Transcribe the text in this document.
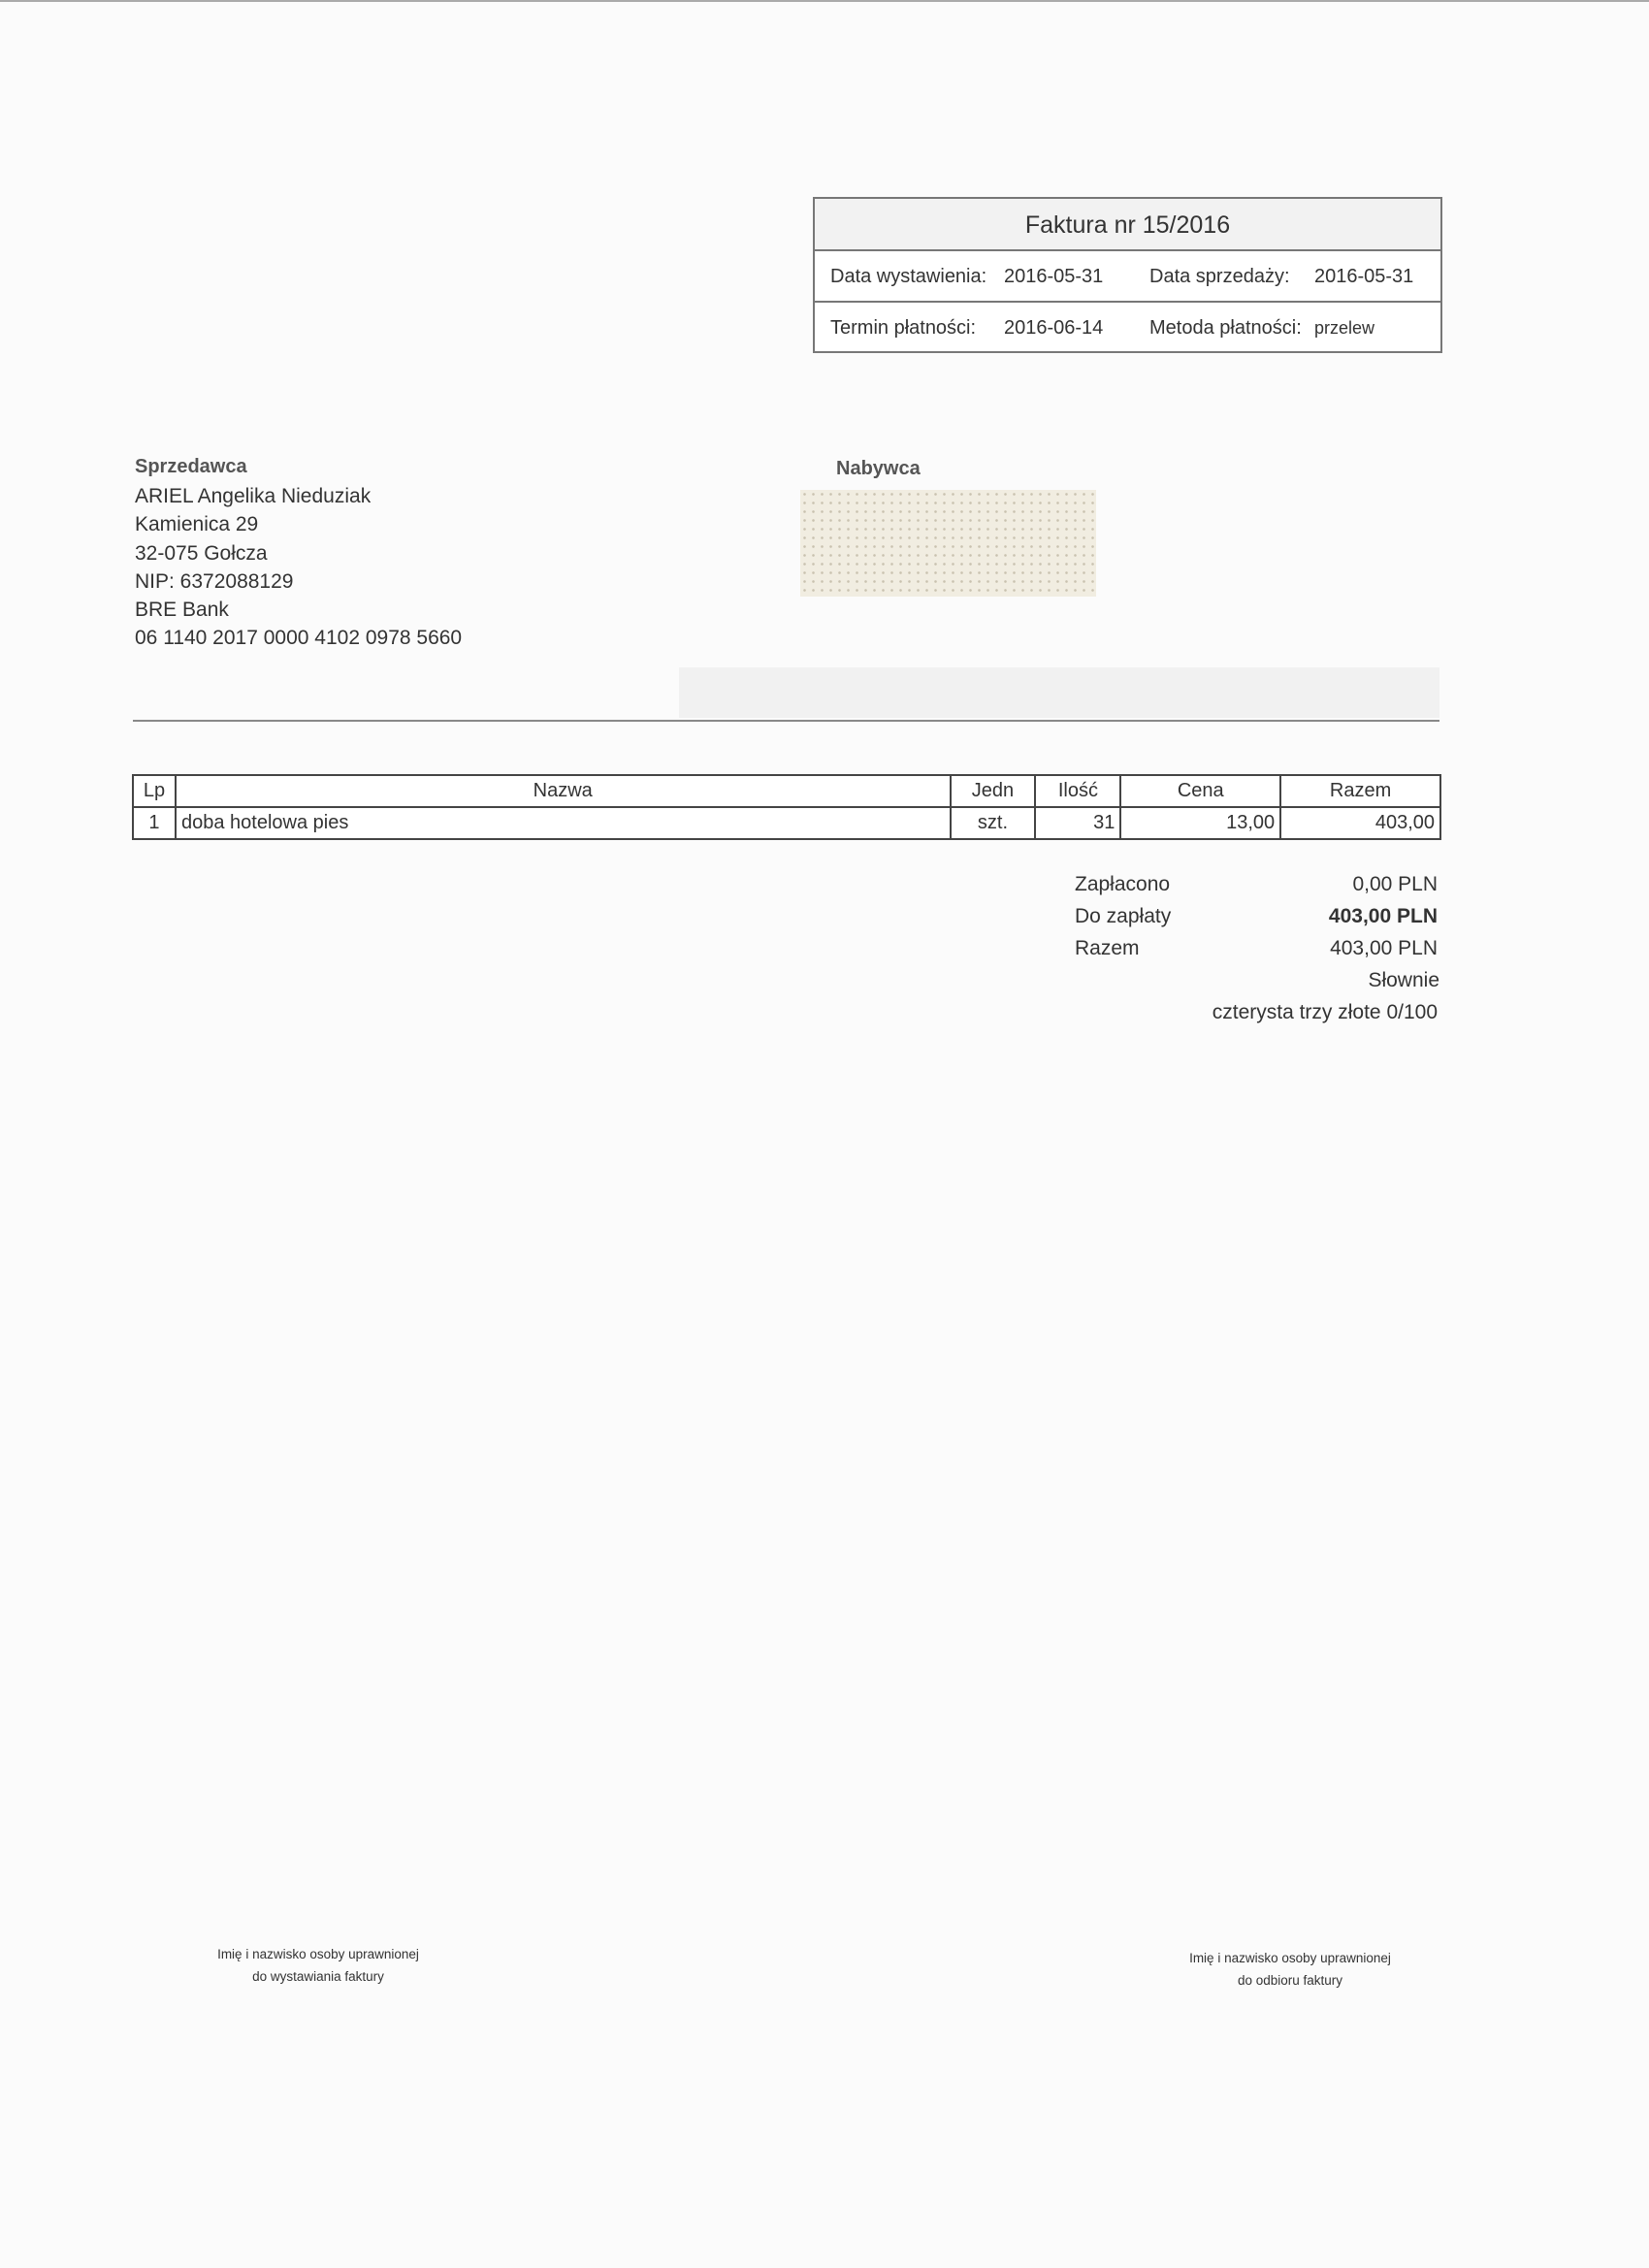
Faktura nr 15/2016
Data wystawienia: 2016-05-31 Data sprzedaży: 2016-05-31
Termin płatności: 2016-06-14 Metoda płatności: przelew
Sprzedawca
ARIEL Angelika Nieduziak
Kamienica 29
32-075 Gołcza
NIP: 6372088129
BRE Bank
06 1140 2017 0000 4102 0978 5660
Nabywca
Lp	Nazwa	Jedn	Ilość	Cena	Razem
1	doba hotelowa pies	szt.	31	13,00	403,00
Zapłacono	0,00 PLN
Do zapłaty	403,00 PLN
Razem	403,00 PLN
Słownie
czterysta trzy złote 0/100
Imię i nazwisko osoby uprawnionej
do wystawiania faktury
Imię i nazwisko osoby uprawnionej
do odbioru faktury
